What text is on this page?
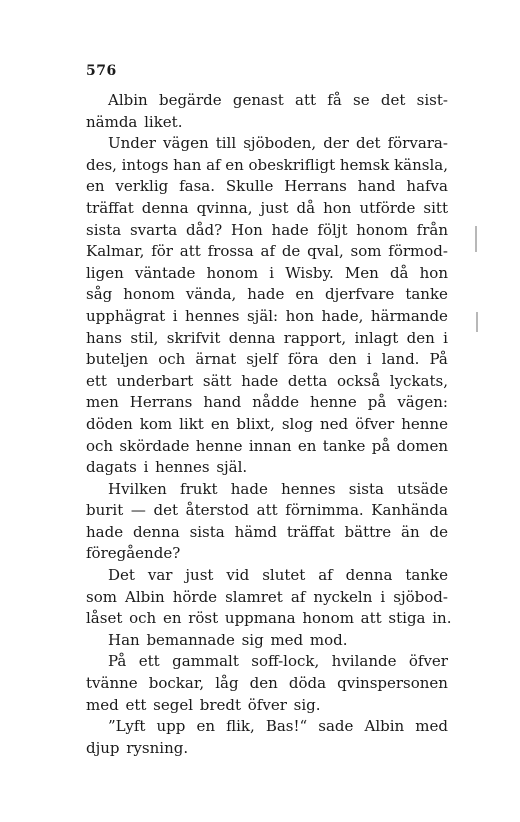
576
Albin begärde genast att få se det sist-
nämda liket.
Under vägen till sjöboden, der det förvara-
des, intogs han af en obeskrifligt hemsk känsla,
en verklig fasa. Skulle Herrans hand hafva
träffat denna qvinna, just då hon utförde sitt
sista svarta dåd? Hon hade följt honom från
Kalmar, för att frossa af de qval, som förmod-
ligen väntade honom i Wisby. Men då hon
såg honom vända, hade en djerfvare tanke
upphägrat i hennes själ: hon hade, härmande
hans stil, skrifvit denna rapport, inlagt den i
buteljen och ärnat sjelf föra den i land. På
ett underbart sätt hade detta också lyckats,
men Herrans hand nådde henne på vägen:
döden kom likt en blixt, slog ned öfver henne
och skördade henne innan en tanke på domen
dagats i hennes själ.
Hvilken frukt hade hennes sista utsäde
burit — det återstod att förnimma. Kanhända
hade denna sista hämd träffat bättre än de
föregående?
Det var just vid slutet af denna tanke
som Albin hörde slamret af nyckeln i sjöbod-
låset och en röst uppmana honom att stiga in.
Han bemannade sig med mod.
På ett gammalt soff-lock, hvilande öfver
tvänne bockar, låg den döda qvinspersonen
med ett segel bredt öfver sig.
”Lyft upp en flik, Bas!“ sade Albin med
djup rysning.
